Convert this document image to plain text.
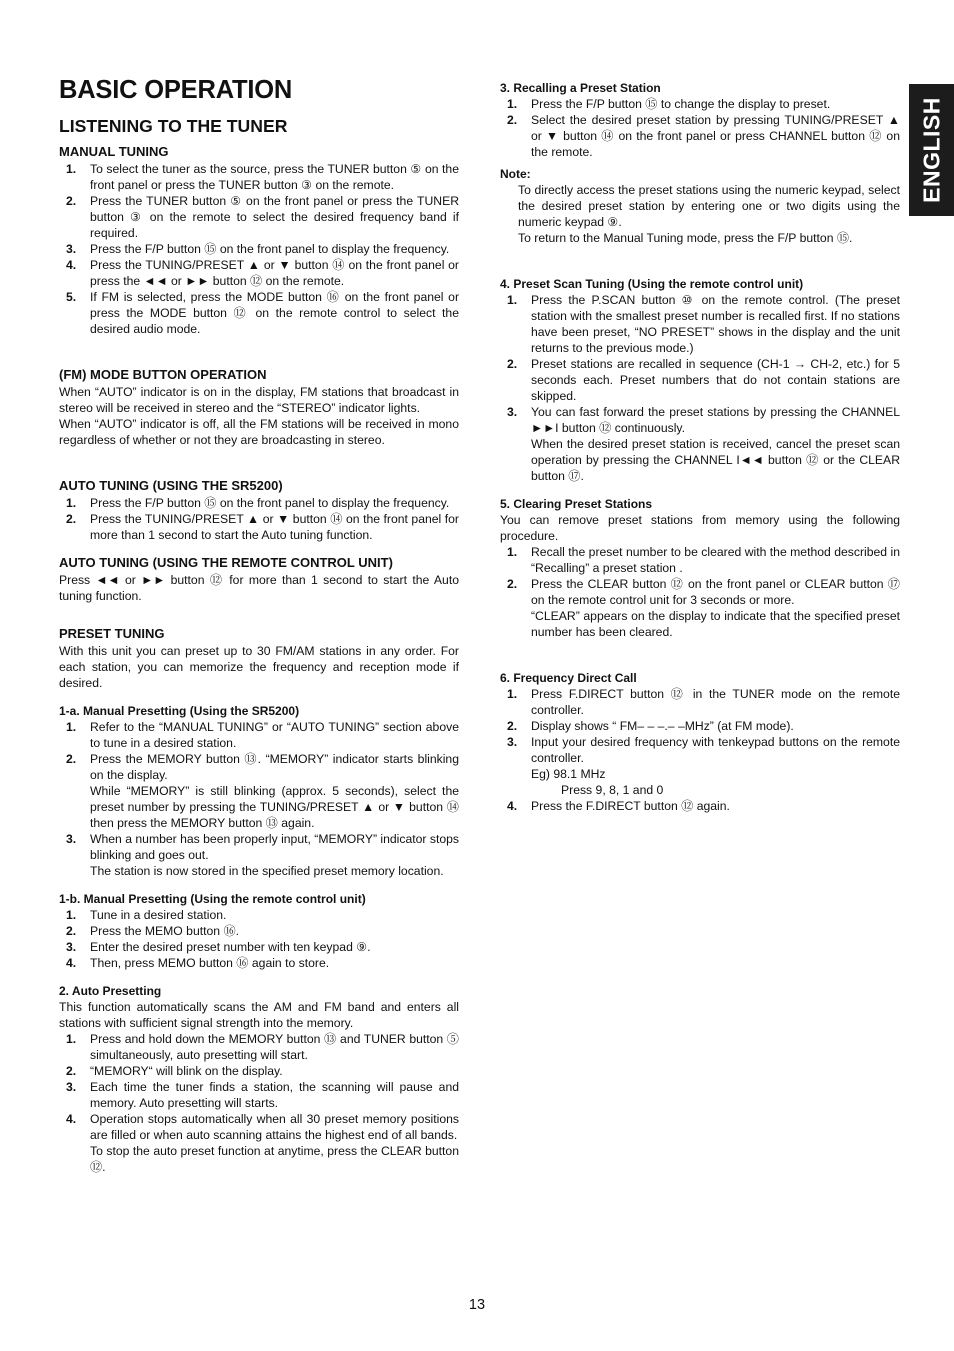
ENGLISH
BASIC OPERATION
LISTENING TO THE TUNER
MANUAL TUNING
1. To select the tuner as the source, press the TUNER button ⑤ on the front panel or press the TUNER button ③ on the remote.
2. Press the TUNER button ⑤ on the front panel or press the TUNER button ③ on the remote to select the desired frequency band if required.
3. Press the F/P button ⑮ on the front panel to display the frequency.
4. Press the TUNING/PRESET ▲ or ▼ button ⑭ on the front panel or press the ◄◄ or ►► button ⑫ on the remote.
5. If FM is selected, press the MODE button ⑯ on the front panel or press the MODE button ⑫ on the remote control to select the desired audio mode.
(FM) MODE BUTTON OPERATION

When “AUTO” indicator is on in the display, FM stations that broadcast in stereo will be received in stereo and the “STEREO” indicator lights.

When “AUTO” indicator is off, all the FM stations will be received in mono regardless of whether or not they are broadcasting in stereo.

AUTO TUNING (USING THE SR5200)
1. Press the F/P button ⑮ on the front panel to display the frequency.
2. Press the TUNING/PRESET ▲ or ▼ button ⑭ on the front panel for more than 1 second to start the Auto tuning function.
AUTO TUNING (USING THE REMOTE CONTROL UNIT)

Press ◄◄ or ►► button ⑫ for more than 1 second to start the Auto tuning function.

PRESET TUNING

With this unit you can preset up to 30 FM/AM stations in any order. For each station, you can memorize the frequency and reception mode if desired.

1-a. Manual Presetting (Using the SR5200)
1. Refer to the “MANUAL TUNING” or “AUTO TUNING” section above to tune in a desired station.
2. Press the MEMORY button ⑬. “MEMORY” indicator starts blinking on the display.
While “MEMORY” is still blinking (approx. 5 seconds), select the preset number by pressing the TUNING/PRESET ▲ or ▼ button ⑭ then press the MEMORY button ⑬ again.
3. When a number has been properly input, “MEMORY” indicator stops blinking and goes out.
The station is now stored in the specified preset memory location.
1-b. Manual Presetting (Using the remote control unit)
1. Tune in a desired station.
2. Press the MEMO button ⑯.
3. Enter the desired preset number with ten keypad ⑨.
4. Then, press MEMO button ⑯ again to store.
2. Auto Presetting

This function automatically scans the AM and FM band and enters all stations with sufficient signal strength into the memory.

1. Press and hold down the MEMORY button ⑬ and TUNER button ⑤ simultaneously, auto presetting will start.
2. “MEMORY“ will blink on the display.
3. Each time the tuner finds a station, the scanning will pause and memory. Auto presetting will starts.
4. Operation stops automatically when all 30 preset memory positions are filled or when auto scanning attains the highest end of all bands.
To stop the auto preset function at anytime, press the CLEAR button ⑫.
3. Recalling a Preset Station
1. Press the F/P button ⑮ to change the display to preset.
2. Select the desired preset station by pressing TUNING/PRESET ▲ or ▼ button ⑭ on the front panel or press CHANNEL button ⑫ on the remote.
Note:
To directly access the preset stations using the numeric keypad, select the desired preset station by entering one or two digits using the numeric keypad ⑨.
To return to the Manual Tuning mode, press the F/P button ⑮.
4. Preset Scan Tuning (Using the remote control unit)
1. Press the P.SCAN button ⑩ on the remote control. (The preset station with the smallest preset number is recalled first. If no stations have been preset, “NO PRESET” shows in the display and the unit returns to the previous mode.)
2. Preset stations are recalled in sequence (CH-1 → CH-2, etc.) for 5 seconds each. Preset numbers that do not contain stations are skipped.
3. You can fast forward the preset stations by pressing the CHANNEL ►►I button ⑫ continuously.
When the desired preset station is received, cancel the preset scan operation by pressing the CHANNEL I◄◄ button ⑫ or the CLEAR button ⑰.
5. Clearing Preset Stations

You can remove preset stations from memory using the following procedure.

1. Recall the preset number to be cleared with the method described in “Recalling” a preset station .
2. Press the CLEAR button ⑫ on the front panel or CLEAR button ⑰ on the remote control unit for 3 seconds or more.
“CLEAR” appears on the display to indicate that the specified preset number has been cleared.
6. Frequency Direct Call
1. Press F.DIRECT button ⑫ in the TUNER mode on the remote controller.
2. Display shows “ FM– – –.– –MHz” (at FM mode).
3. Input your desired frequency with tenkeypad buttons on the remote controller.
Eg) 98.1 MHz
Press 9, 8, 1 and 0
4. Press the F.DIRECT button ⑫ again.
13
